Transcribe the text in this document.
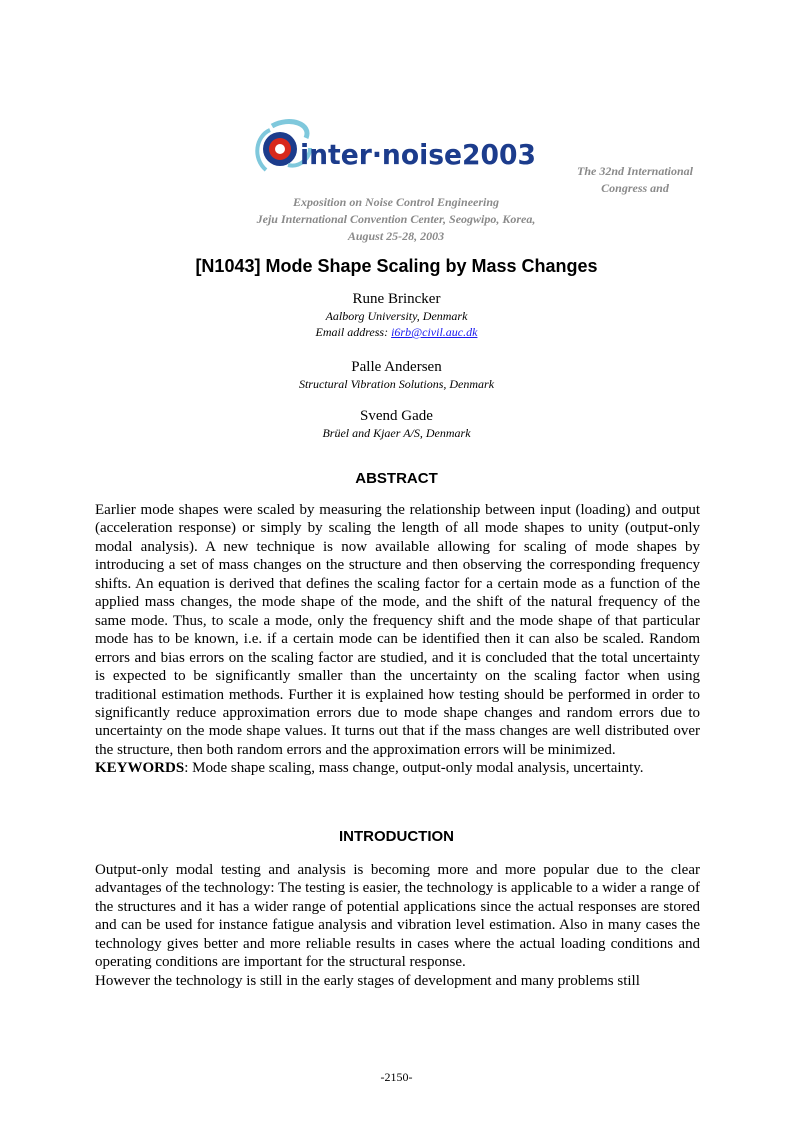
inter·noise2003	The 32nd International
Congress and
Exposition on Noise Control Engineering
Jeju International Convention Center, Seogwipo, Korea,
August 25-28, 2003
[N1043] Mode Shape Scaling by Mass Changes
Rune Brincker
Aalborg University, Denmark
Email address: i6rb@civil.auc.dk
Palle Andersen
Structural Vibration Solutions, Denmark
Svend Gade
Brüel and Kjaer A/S, Denmark
ABSTRACT

Earlier mode shapes were scaled by measuring the relationship between input (loading) and output (acceleration response) or simply by scaling the length of all mode shapes to unity (output-only modal analysis). A new technique is now available allowing for scaling of mode shapes by introducing a set of mass changes on the structure and then observing the corresponding frequency shifts. An equation is derived that defines the scaling factor for a certain mode as a function of the applied mass changes, the mode shape of the mode, and the shift of the natural frequency of the same mode. Thus, to scale a mode, only the frequency shift and the mode shape of that particular mode has to be known, i.e. if a certain mode can be identified then it can also be scaled. Random errors and bias errors on the scaling factor are studied, and it is concluded that the total uncertainty is expected to be significantly smaller than the uncertainty on the scaling factor when using traditional estimation methods. Further it is explained how testing should be performed in order to significantly reduce approximation errors due to mode shape changes and random errors due to uncertainty on the mode shape values. It turns out that if the mass changes are well distributed over the structure, then both random errors and the approximation errors will be minimized.

KEYWORDS: Mode shape scaling, mass change, output-only modal analysis, uncertainty.

INTRODUCTION

Output-only modal testing and analysis is becoming more and more popular due to the clear advantages of the technology: The testing is easier, the technology is applicable to a wider a range of the structures and it has a wider range of potential applications since the actual responses are stored and can be used for instance fatigue analysis and vibration level estimation. Also in many cases the technology gives better and more reliable results in cases where the actual loading conditions and operating conditions are important for the structural response.

However the technology is still in the early stages of development and many problems still

-2150-
